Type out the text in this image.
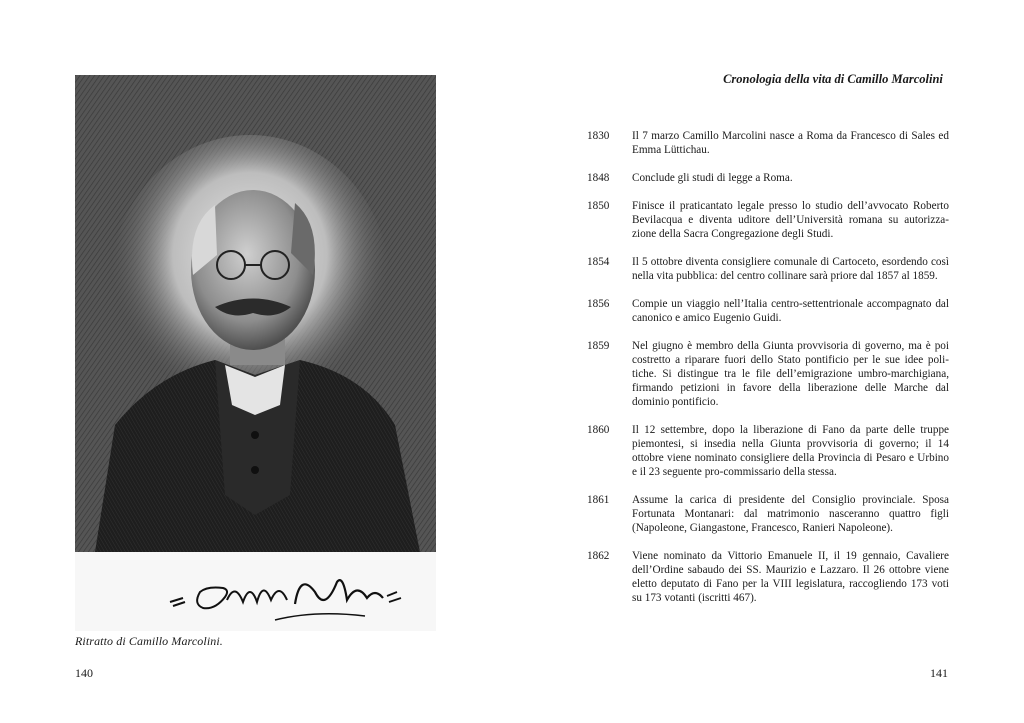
Ritratto di Camillo Marcolini.
140
Cronologia della vita di Camillo Marcolini
1830	Il 7 marzo Camillo Marcolini nasce a Roma da Francesco di Sales ed Emma Lüttichau.
1848	Conclude gli studi di legge a Roma.
1850	Finisce il praticantato legale presso lo studio dell’avvocato Roberto Bevilacqua e diventa uditore dell’Università romana su autorizza-zione della Sacra Congregazione degli Studi.
1854	Il 5 ottobre diventa consigliere comunale di Cartoceto, esordendo così nella vita pubblica: del centro collinare sarà priore dal 1857 al 1859.
1856	Compie un viaggio nell’Italia centro-settentrionale accompagnato dal canonico e amico Eugenio Guidi.
1859	Nel giugno è membro della Giunta provvisoria di governo, ma è poi costretto a riparare fuori dello Stato pontificio per le sue idee poli-tiche. Si distingue tra le file dell’emigrazione umbro-marchigiana, firmando petizioni in favore della liberazione delle Marche dal dominio pontificio.
1860	Il 12 settembre, dopo la liberazione di Fano da parte delle truppe piemontesi, si insedia nella Giunta provvisoria di governo; il 14 ottobre viene nominato consigliere della Provincia di Pesaro e Urbino e il 23 seguente pro-commissario della stessa.
1861	Assume la carica di presidente del Consiglio provinciale. Sposa Fortunata Montanari: dal matrimonio nasceranno quattro figli (Napoleone, Giangastone, Francesco, Ranieri Napoleone).
1862	Viene nominato da Vittorio Emanuele II, il 19 gennaio, Cavaliere dell’Ordine sabaudo dei SS. Maurizio e Lazzaro. Il 26 ottobre viene eletto deputato di Fano per la VIII legislatura, raccogliendo 173 voti su 173 votanti (iscritti 467).
141
